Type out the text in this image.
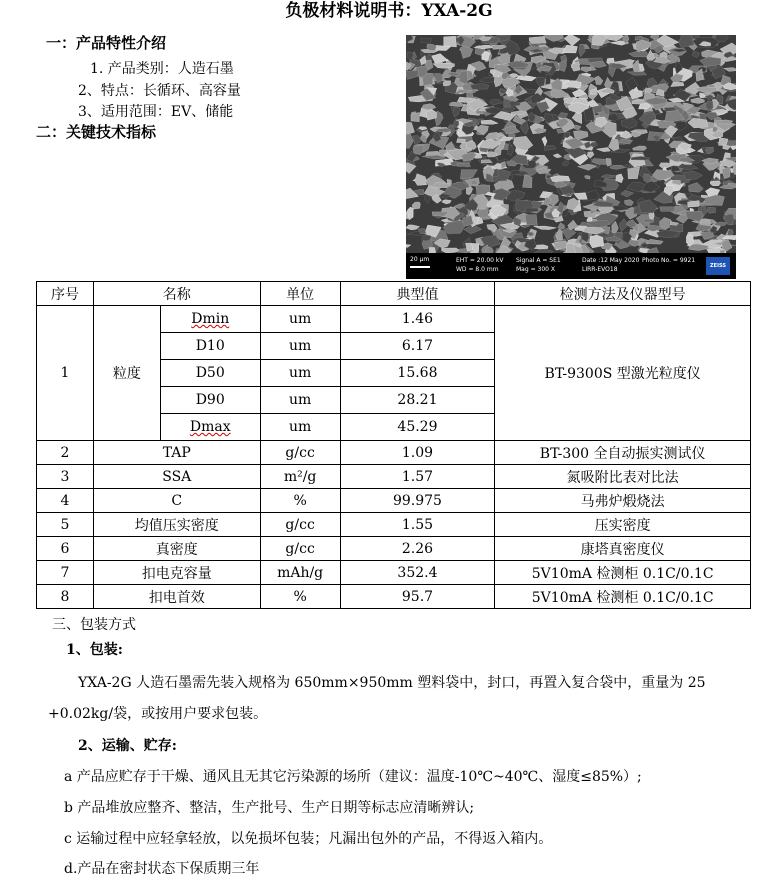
负极材料说明书：YXA-2G
一：产品特性介绍
1. 产品类别：人造石墨
2、特点：长循环、高容量
3、适用范围：EV、储能
二：关键技术指标
20 μm	EHT = 20.00 kV
WD = 8.0 mm
Signal A = SE1
Mag = 300 X
Date :12 May 2020
LIRR-EVO18
Photo No. = 9921
ZEISS
序号	名称		单位	典型值	检测方法及仪器型号
1	粒度	Dmin	um	1.46	BT-9300S 型激光粒度仪
		D10	um	6.17	
		D50	um	15.68	
		D90	um	28.21	
		Dmax	um	45.29	
2	TAP		g/cc	1.09	BT-300 全自动振实测试仪
3	SSA		m²/g	1.57	氮吸附比表对比法
4	C		%	99.975	马弗炉煅烧法
5	均值压实密度		g/cc	1.55	压实密度
6	真密度		g/cc	2.26	康塔真密度仪
7	扣电克容量		mAh/g	352.4	5V10mA 检测柜 0.1C/0.1C
8	扣电首效		%	95.7	5V10mA 检测柜 0.1C/0.1C
三、包装方式
1、包装:
YXA-2G 人造石墨需先装入规格为 650mm×950mm 塑料袋中，封口，再置入复合袋中，重量为 25
+0.02kg/袋，或按用户要求包装。
2、运输、贮存:
a 产品应贮存于干燥、通风且无其它污染源的场所（建议：温度-10℃~40℃、湿度≤85%）;
b 产品堆放应整齐、整洁，生产批号、生产日期等标志应清晰辨认;
c 运输过程中应轻拿轻放，以免损坏包装；凡漏出包外的产品，不得返入箱内。
d.产品在密封状态下保质期三年
